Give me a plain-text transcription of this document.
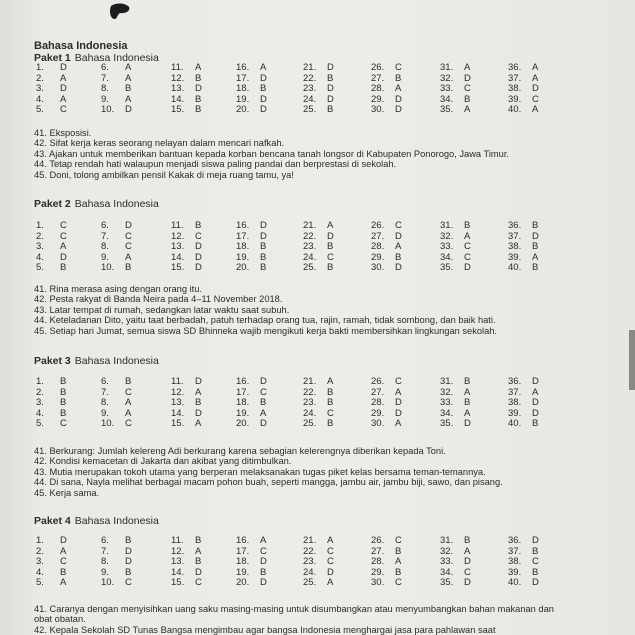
Bahasa Indonesia
Paket 1 Bahasa Indonesia
1. D
2. A
3. D
4. A
5. C
6. A
7. A
8. B
9. A
10. D
11. A
12. B
13. D
14. B
15. B
16. A
17. D
18. B
19. D
20. D
21. D
22. B
23. D
24. D
25. B
26. C
27. B
28. A
29. D
30. D
31. A
32. D
33. C
34. B
35. A
36. A
37. A
38. D
39. C
40. A
41. Eksposisi.
42. Sifat kerja keras seorang nelayan dalam mencari nafkah.
43. Ajakan untuk memberikan bantuan kepada korban bencana tanah longsor di Kabupaten Ponorogo, Jawa Timur.
44. Tetap rendah hati walaupun menjadi siswa paling pandai dan berprestasi di sekolah.
45. Doni, tolong ambilkan pensil Kakak di meja ruang tamu, ya!
Paket 2 Bahasa Indonesia
1. C
2. C
3. A
4. D
5. B
6. D
7. C
8. C
9. A
10. B
11. B
12. C
13. D
14. D
15. D
16. D
17. D
18. B
19. B
20. B
21. A
22. D
23. B
24. C
25. B
26. C
27. D
28. A
29. B
30. D
31. B
32. A
33. C
34. C
35. D
36. B
37. D
38. B
39. A
40. B
41. Rina merasa asing dengan orang itu.
42. Pesta rakyat di Banda Neira pada 4–11 November 2018.
43. Latar tempat di rumah, sedangkan latar waktu saat subuh.
44. Keteladanan Dito, yaitu taat berbadah, patuh terhadap orang tua, rajin, ramah, tidak sombong, dan baik hati.
45. Setiap hari Jumat, semua siswa SD Bhinneka wajib mengikuti kerja bakti membersihkan lingkungan sekolah.
Paket 3 Bahasa Indonesia
1. B
2. B
3. B
4. B
5. C
6. B
7. C
8. A
9. A
10. C
11. D
12. A
13. B
14. D
15. A
16. D
17. C
18. B
19. A
20. D
21. A
22. B
23. B
24. C
25. B
26. C
27. A
28. D
29. D
30. A
31. B
32. A
33. B
34. A
35. D
36. D
37. A
38. D
39. D
40. B
41. Berkurang: Jumlah kelereng Adi berkurang karena sebagian kelerengnya diberikan kepada Toni.
42. Kondisi kemacetan di Jakarta dan akibat yang ditimbulkan.
43. Mutia merupakan tokoh utama yang berperan melaksanakan tugas piket kelas bersama teman-temannya.
44. Di sana, Nayla melihat berbagai macam pohon buah, seperti mangga, jambu air, jambu biji, sawo, dan pisang.
45. Kerja sama.
Paket 4 Bahasa Indonesia
1. D
2. A
3. C
4. B
5. A
6. B
7. D
8. D
9. B
10. C
11. B
12. A
13. B
14. D
15. C
16. A
17. C
18. D
19. B
20. D
21. A
22. C
23. C
24. D
25. A
26. C
27. B
28. A
29. B
30. C
31. B
32. A
33. D
34. C
35. D
36. D
37. B
38. C
39. B
40. D
41. Caranya dengan menyisihkan uang saku masing-masing untuk disumbangkan atau menyumbangkan bahan makanan dan obat obatan.
42. Kepala Sekolah SD Tunas Bangsa mengimbau agar bangsa Indonesia menghargai jasa para pahlawan saat
